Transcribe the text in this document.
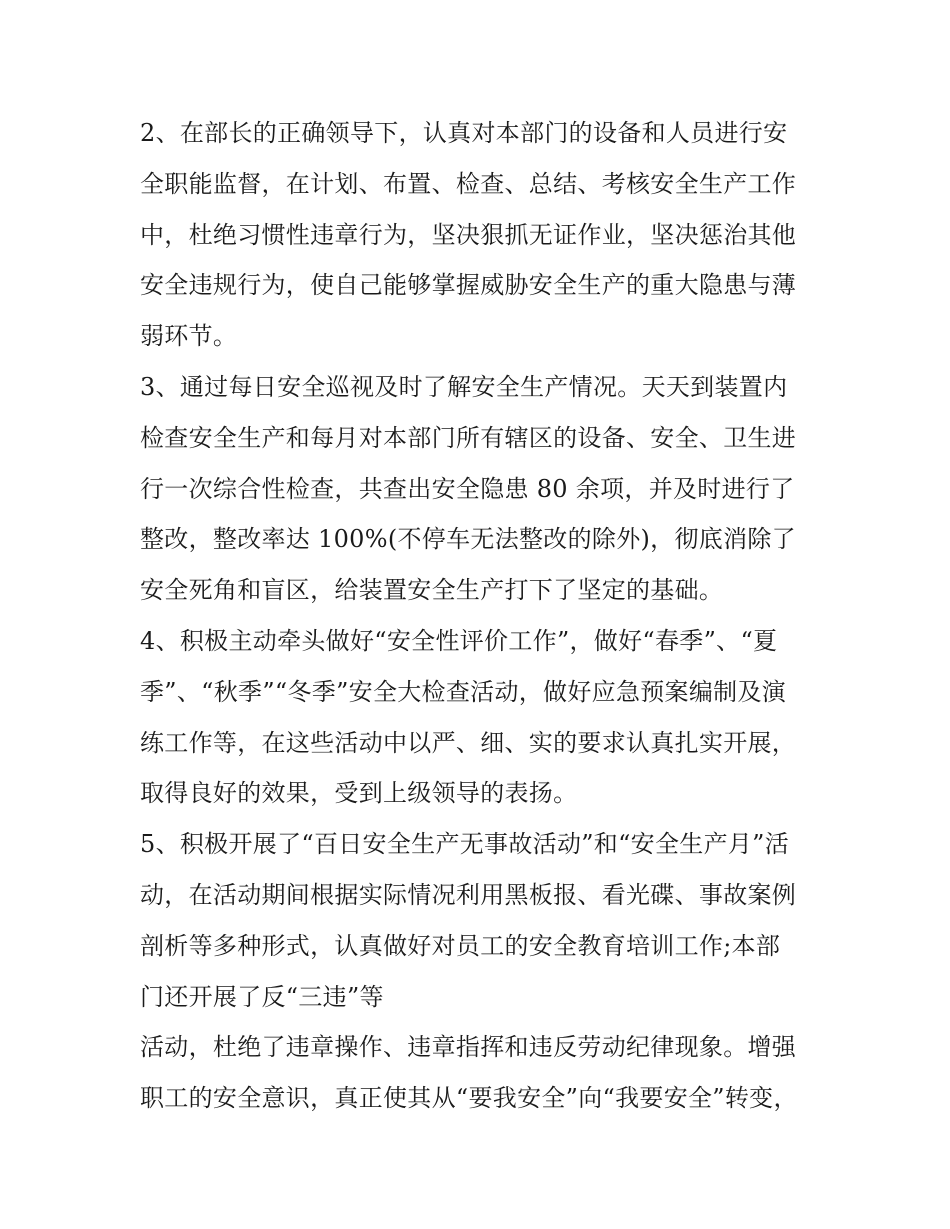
2、在部长的正确领导下，认真对本部门的设备和人员进行安
全职能监督，在计划、布置、检查、总结、考核安全生产工作
中，杜绝习惯性违章行为，坚决狠抓无证作业，坚决惩治其他
安全违规行为，使自己能够掌握威胁安全生产的重大隐患与薄
弱环节。
3、通过每日安全巡视及时了解安全生产情况。天天到装置内
检查安全生产和每月对本部门所有辖区的设备、安全、卫生进
行一次综合性检查，共查出安全隐患 80 余项，并及时进行了
整改，整改率达 100%(不停车无法整改的除外)，彻底消除了
安全死角和盲区，给装置安全生产打下了坚定的基础。
4、积极主动牵头做好“安全性评价工作”，做好“春季”、“夏
季”、“秋季”“冬季”安全大检查活动，做好应急预案编制及演
练工作等，在这些活动中以严、细、实的要求认真扎实开展，
取得良好的效果，受到上级领导的表扬。
5、积极开展了“百日安全生产无事故活动”和“安全生产月”活
动，在活动期间根据实际情况利用黑板报、看光碟、事故案例
剖析等多种形式，认真做好对员工的安全教育培训工作;本部
门还开展了反“三违”等
活动，杜绝了违章操作、违章指挥和违反劳动纪律现象。增强
职工的安全意识，真正使其从“要我安全”向“我要安全”转变，
